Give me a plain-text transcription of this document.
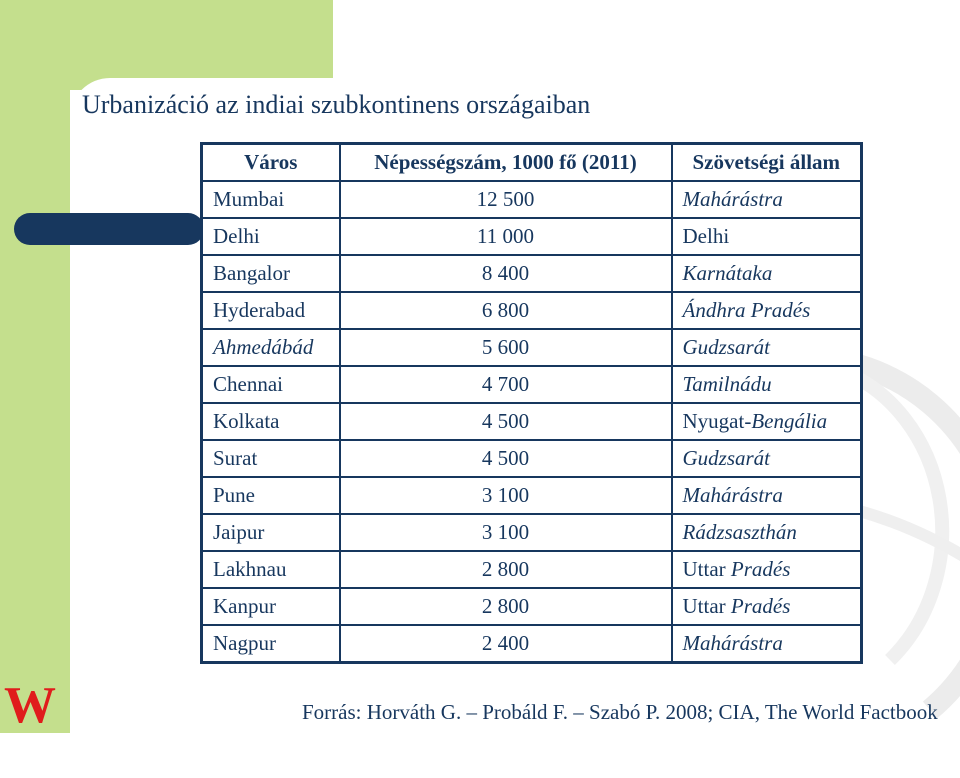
Urbanizáció az indiai szubkontinens országaiban
Város	Népességszám, 1000 fő (2011)	Szövetségi állam
Mumbai	12 500	Mahárástra
Delhi	11 000	Delhi
Bangalor	8 400	Karnátaka
Hyderabad	6 800	Ándhra Pradés
Ahmedábád	5 600	Gudzsarát
Chennai	4 700	Tamilnádu
Kolkata	4 500	Nyugat-Bengália
Surat	4 500	Gudzsarát
Pune	3 100	Mahárástra
Jaipur	3 100	Rádzsaszthán
Lakhnau	2 800	Uttar Pradés
Kanpur	2 800	Uttar Pradés
Nagpur	2 400	Mahárástra
W	Forrás: Horváth G. – Probáld F. – Szabó P. 2008; CIA, The World Factbook
